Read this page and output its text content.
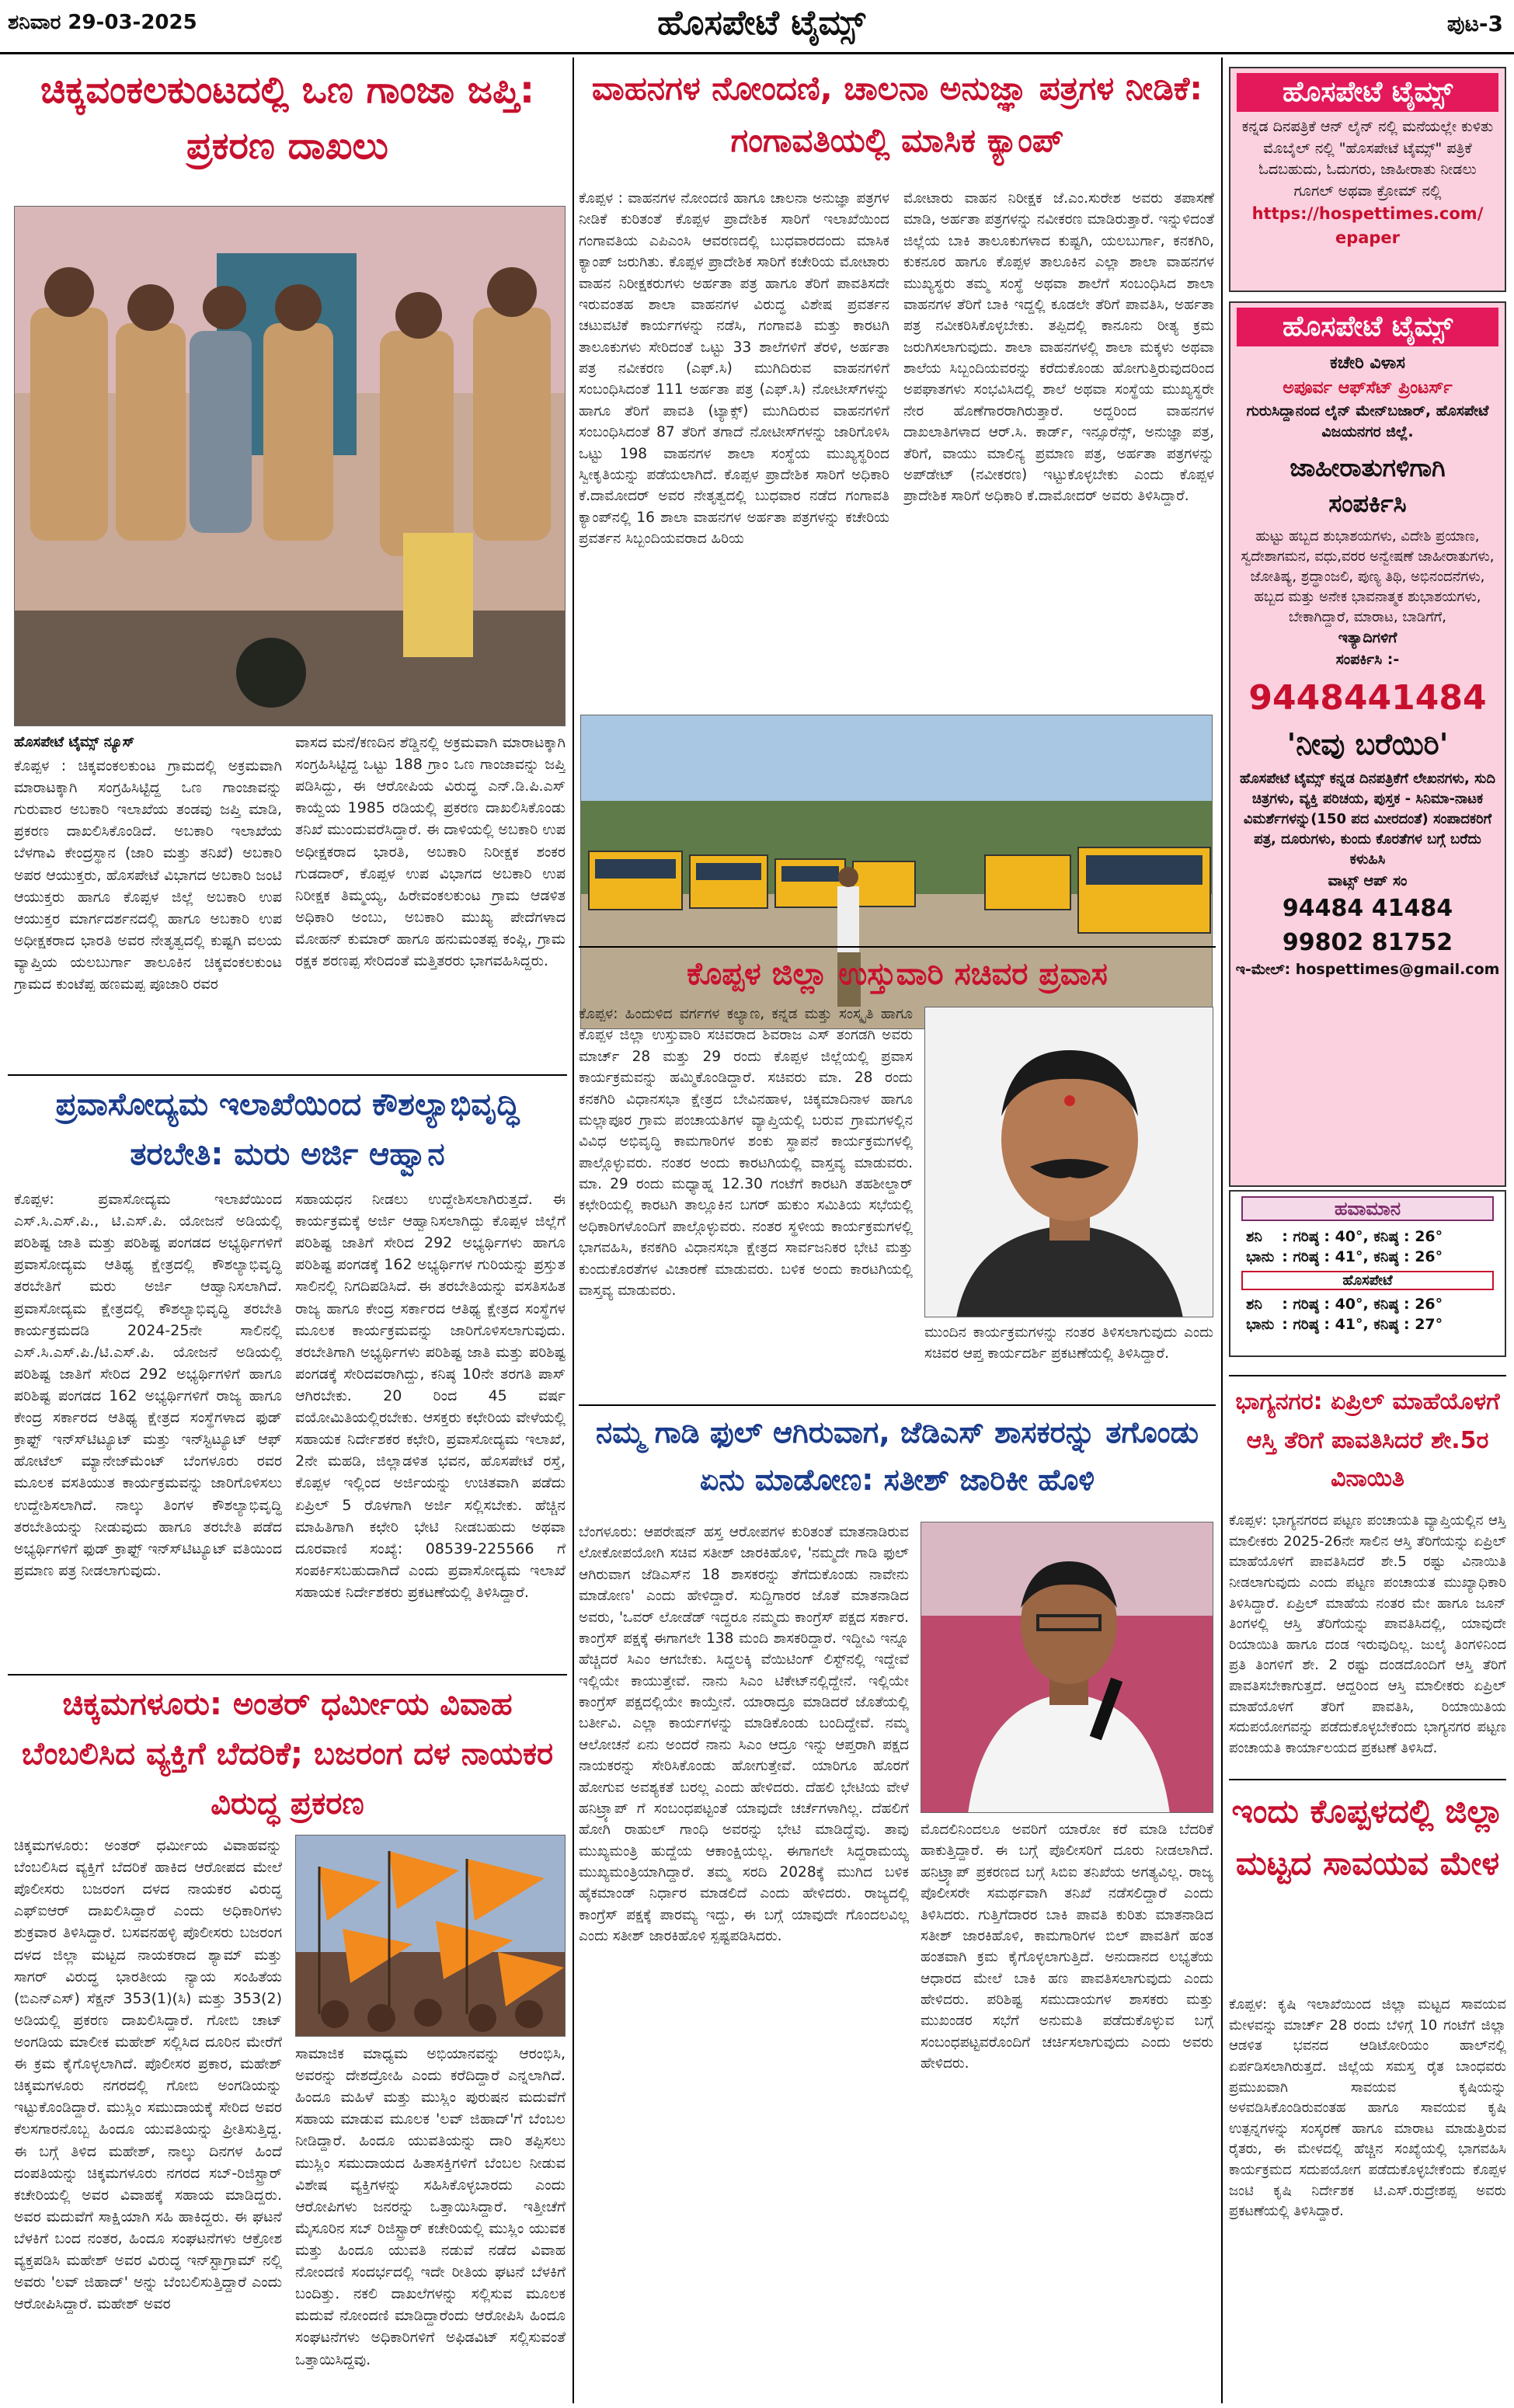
ಶನಿವಾರ 29-03-2025	ಹೊಸಪೇಟೆ ಟೈಮ್ಸ್	ಪುಟ-3
ಚಿಕ್ಕವಂಕಲಕುಂಟದಲ್ಲಿ ಒಣ ಗಾಂಜಾ ಜಪ್ತಿ: ಪ್ರಕರಣ ದಾಖಲು
ಹೊಸಪೇಟೆ ಟೈಮ್ಸ್ ನ್ಯೂಸ್
ಕೊಪ್ಪಳ : ಚಿಕ್ಕವಂಕಲಕುಂಟ ಗ್ರಾಮದಲ್ಲಿ ಅಕ್ರಮವಾಗಿ ಮಾರಾಟಕ್ಕಾಗಿ ಸಂಗ್ರಹಿಸಿಟ್ಟಿದ್ದ ಒಣ ಗಾಂಜಾವನ್ನು ಗುರುವಾರ ಅಬಕಾರಿ ಇಲಾಖೆಯ ತಂಡವು ಜಪ್ತಿ ಮಾಡಿ, ಪ್ರಕರಣ ದಾಖಲಿಸಿಕೊಂಡಿದೆ. ಅಬಕಾರಿ ಇಲಾಖೆಯ ಬೆಳಗಾವಿ ಕೇಂದ್ರಸ್ಥಾನ (ಜಾರಿ ಮತ್ತು ತನಿಖೆ) ಅಬಕಾರಿ ಅಪರ ಆಯುಕ್ತರು, ಹೊಸಪೇಟೆ ವಿಭಾಗದ ಅಬಕಾರಿ ಜಂಟಿ ಆಯುಕ್ತರು ಹಾಗೂ ಕೊಪ್ಪಳ ಜಿಲ್ಲೆ ಅಬಕಾರಿ ಉಪ ಆಯುಕ್ತರ ಮಾರ್ಗದರ್ಶನದಲ್ಲಿ ಹಾಗೂ ಅಬಕಾರಿ ಉಪ ಅಧೀಕ್ಷಕರಾದ ಭಾರತಿ ಅವರ ನೇತೃತ್ವದಲ್ಲಿ ಕುಷ್ಟಗಿ ವಲಯ ವ್ಯಾಪ್ತಿಯ ಯಲಬುರ್ಗಾ ತಾಲೂಕಿನ ಚಿಕ್ಕವಂಕಲಕುಂಟ ಗ್ರಾಮದ ಕುಂಟೆಪ್ಪ ಹಣಮಪ್ಪ ಪೂಜಾರಿ ರವರ
ವಾಸದ ಮನೆ/ಕಣದಿನ ಶೆಡ್ಡಿನಲ್ಲಿ ಅಕ್ರಮವಾಗಿ ಮಾರಾಟಕ್ಕಾಗಿ ಸಂಗ್ರಹಿಸಿಟ್ಟಿದ್ದ ಒಟ್ಟು 188 ಗ್ರಾಂ ಒಣ ಗಾಂಜಾವನ್ನು ಜಪ್ತಿ ಪಡಿಸಿದ್ದು, ಈ ಆರೋಪಿಯ ವಿರುದ್ಧ ಎನ್.ಡಿ.ಪಿ.ಎಸ್ ಕಾಯ್ದೆಯ 1985 ರಡಿಯಲ್ಲಿ ಪ್ರಕರಣ ದಾಖಲಿಸಿಕೊಂಡು ತನಿಖೆ ಮುಂದುವರೆಸಿದ್ದಾರೆ. ಈ ದಾಳಿಯಲ್ಲಿ ಅಬಕಾರಿ ಉಪ ಅಧೀಕ್ಷಕರಾದ ಭಾರತಿ, ಅಬಕಾರಿ ನಿರೀಕ್ಷಕ ಶಂಕರ ಗುಡದಾರ್, ಕೊಪ್ಪಳ ಉಪ ವಿಭಾಗದ ಅಬಕಾರಿ ಉಪ ನಿರೀಕ್ಷಕ ತಿಮ್ಮಯ್ಯ, ಹಿರೇವಂಕಲಕುಂಟ ಗ್ರಾಮ ಆಡಳಿತ ಅಧಿಕಾರಿ ಅಂಬು, ಅಬಕಾರಿ ಮುಖ್ಯ ಪೇದೆಗಳಾದ ಮೋಹನ್ ಕುಮಾರ್ ಹಾಗೂ ಹನುಮಂತಪ್ಪ ಕಂಪ್ಲಿ, ಗ್ರಾಮ ರಕ್ಷಕ ಶರಣಪ್ಪ ಸೇರಿದಂತೆ ಮತ್ತಿತರರು ಭಾಗವಹಿಸಿದ್ದರು.
ಪ್ರವಾಸೋದ್ಯಮ ಇಲಾಖೆಯಿಂದ ಕೌಶಲ್ಯಾಭಿವೃದ್ಧಿ ತರಬೇತಿ: ಮರು ಅರ್ಜಿ ಆಹ್ವಾನ
ಕೊಪ್ಪಳ: ಪ್ರವಾಸೋದ್ಯಮ ಇಲಾಖೆಯಿಂದ ಎಸ್.ಸಿ.ಎಸ್.ಪಿ., ಟಿ.ಎಸ್.ಪಿ. ಯೋಜನೆ ಅಡಿಯಲ್ಲಿ ಪರಿಶಿಷ್ಟ ಜಾತಿ ಮತ್ತು ಪರಿಶಿಷ್ಟ ಪಂಗಡದ ಅಭ್ಯರ್ಥಿಗಳಿಗೆ ಪ್ರವಾಸೋದ್ಯಮ ಆತಿಥ್ಯ ಕ್ಷೇತ್ರದಲ್ಲಿ ಕೌಶಲ್ಯಾಭಿವೃದ್ಧಿ ತರಬೇತಿಗೆ ಮರು ಅರ್ಜಿ ಆಹ್ವಾನಿಸಲಾಗಿದೆ. ಪ್ರವಾಸೋದ್ಯಮ ಕ್ಷೇತ್ರದಲ್ಲಿ ಕೌಶಲ್ಯಾಭಿವೃದ್ಧಿ ತರಬೇತಿ ಕಾರ್ಯಕ್ರಮದಡಿ 2024-25ನೇ ಸಾಲಿನಲ್ಲಿ ಎಸ್.ಸಿ.ಎಸ್.ಪಿ./ಟಿ.ಎಸ್.ಪಿ. ಯೋಜನೆ ಅಡಿಯಲ್ಲಿ ಪರಿಶಿಷ್ಟ ಜಾತಿಗೆ ಸೇರಿದ 292 ಅಭ್ಯರ್ಥಿಗಳಿಗೆ ಹಾಗೂ ಪರಿಶಿಷ್ಟ ಪಂಗಡದ 162 ಅಭ್ಯರ್ಥಿಗಳಿಗೆ ರಾಜ್ಯ ಹಾಗೂ ಕೇಂದ್ರ ಸರ್ಕಾರದ ಆತಿಥ್ಯ ಕ್ಷೇತ್ರದ ಸಂಸ್ಥೆಗಳಾದ ಫುಡ್ ಕ್ರಾಫ್ಟ್ ಇನ್ಸ್‍ಟಿಟ್ಯೂಟ್ ಮತ್ತು ಇನ್‍ಸ್ಟಿಟ್ಯೂಟ್ ಆಫ್ ಹೋಟೆಲ್ ಮ್ಯಾನೇಜ್‍ಮೆಂಟ್ ಬೆಂಗಳೂರು ರವರ ಮೂಲಕ ವಸತಿಯುತ ಕಾರ್ಯಕ್ರಮವನ್ನು ಜಾರಿಗೊಳಿಸಲು ಉದ್ದೇಶಿಸಲಾಗಿದೆ. ನಾಲ್ಕು ತಿಂಗಳ ಕೌಶಲ್ಯಾಭಿವೃದ್ಧಿ ತರಬೇತಿಯನ್ನು ನೀಡುವುದು ಹಾಗೂ ತರಬೇತಿ ಪಡೆದ ಅಭ್ಯರ್ಥಿಗಳಿಗೆ ಫುಡ್ ಕ್ರಾಫ್ಟ್ ಇನ್ಸ್‍ಟಿಟ್ಯೂಟ್ ವತಿಯಿಂದ ಪ್ರಮಾಣ ಪತ್ರ ನೀಡಲಾಗುವುದು.
ಸಹಾಯಧನ ನೀಡಲು ಉದ್ದೇಶಿಸಲಾಗಿರುತ್ತದೆ. ಈ ಕಾರ್ಯಕ್ರಮಕ್ಕೆ ಅರ್ಜಿ ಆಹ್ವಾನಿಸಲಾಗಿದ್ದು ಕೊಪ್ಪಳ ಜಿಲ್ಲೆಗೆ ಪರಿಶಿಷ್ಟ ಜಾತಿಗೆ ಸೇರಿದ 292 ಅಭ್ಯರ್ಥಿಗಳು ಹಾಗೂ ಪರಿಶಿಷ್ಟ ಪಂಗಡಕ್ಕೆ 162 ಅಭ್ಯರ್ಥಿಗಳ ಗುರಿಯನ್ನು ಪ್ರಸ್ತುತ ಸಾಲಿನಲ್ಲಿ ನಿಗದಿಪಡಿಸಿದೆ. ಈ ತರಬೇತಿಯನ್ನು ವಸತಿಸಹಿತ ರಾಜ್ಯ ಹಾಗೂ ಕೇಂದ್ರ ಸರ್ಕಾರದ ಆತಿಥ್ಯ ಕ್ಷೇತ್ರದ ಸಂಸ್ಥೆಗಳ ಮೂಲಕ ಕಾರ್ಯಕ್ರಮವನ್ನು ಜಾರಿಗೊಳಿಸಲಾಗುವುದು. ತರಬೇತಿಗಾಗಿ ಅಭ್ಯರ್ಥಿಗಳು ಪರಿಶಿಷ್ಟ ಜಾತಿ ಮತ್ತು ಪರಿಶಿಷ್ಟ ಪಂಗಡಕ್ಕೆ ಸೇರಿದವರಾಗಿದ್ದು, ಕನಿಷ್ಠ 10ನೇ ತರಗತಿ ಪಾಸ್ ಆಗಿರಬೇಕು. 20 ರಿಂದ 45 ವರ್ಷ ವಯೋಮಿತಿಯಲ್ಲಿರಬೇಕು. ಆಸಕ್ತರು ಕಛೇರಿಯ ವೇಳೆಯಲ್ಲಿ ಸಹಾಯಕ ನಿರ್ದೇಶಕರ ಕಛೇರಿ, ಪ್ರವಾಸೋದ್ಯಮ ಇಲಾಖೆ, 2ನೇ ಮಹಡಿ, ಜಿಲ್ಲಾಡಳಿತ ಭವನ, ಹೊಸಪೇಟೆ ರಸ್ತೆ, ಕೊಪ್ಪಳ ಇಲ್ಲಿಂದ ಅರ್ಜಿಯನ್ನು ಉಚಿತವಾಗಿ ಪಡೆದು ಏಪ್ರಿಲ್ 5 ರೊಳಗಾಗಿ ಅರ್ಜಿ ಸಲ್ಲಿಸಬೇಕು. ಹೆಚ್ಚಿನ ಮಾಹಿತಿಗಾಗಿ ಕಛೇರಿ ಭೇಟಿ ನೀಡಬಹುದು ಅಥವಾ ದೂರವಾಣಿ ಸಂಖ್ಯೆ: 08539-225566 ಗೆ ಸಂಪರ್ಕಿಸಬಹುದಾಗಿದೆ ಎಂದು ಪ್ರವಾಸೋದ್ಯಮ ಇಲಾಖೆ ಸಹಾಯಕ ನಿರ್ದೇಶಕರು ಪ್ರಕಟಣೆಯಲ್ಲಿ ತಿಳಿಸಿದ್ದಾರೆ.
ಚಿಕ್ಕಮಗಳೂರು: ಅಂತರ್ ಧರ್ಮೀಯ ವಿವಾಹ ಬೆಂಬಲಿಸಿದ ವ್ಯಕ್ತಿಗೆ ಬೆದರಿಕೆ; ಬಜರಂಗ ದಳ ನಾಯಕರ ವಿರುದ್ಧ ಪ್ರಕರಣ
ಚಿಕ್ಕಮಗಳೂರು: ಅಂತರ್ ಧರ್ಮೀಯ ವಿವಾಹವನ್ನು ಬೆಂಬಲಿಸಿದ ವ್ಯಕ್ತಿಗೆ ಬೆದರಿಕೆ ಹಾಕಿದ ಆರೋಪದ ಮೇಲೆ ಪೊಲೀಸರು ಬಜರಂಗ ದಳದ ನಾಯಕರ ವಿರುದ್ಧ ಎಫ್‌ಐಆರ್ ದಾಖಲಿಸಿದ್ದಾರೆ ಎಂದು ಅಧಿಕಾರಿಗಳು ಶುಕ್ರವಾರ ತಿಳಿಸಿದ್ದಾರೆ. ಬಸವನಹಳ್ಳಿ ಪೊಲೀಸರು ಬಜರಂಗ ದಳದ ಜಿಲ್ಲಾ ಮಟ್ಟದ ನಾಯಕರಾದ ಶ್ಯಾಮ್ ಮತ್ತು ಸಾಗರ್ ವಿರುದ್ಧ ಭಾರತೀಯ ನ್ಯಾಯ ಸಂಹಿತೆಯ (ಬಿಎನ್‌ಎಸ್) ಸೆಕ್ಷನ್ 353(1)(ಸಿ) ಮತ್ತು 353(2) ಅಡಿಯಲ್ಲಿ ಪ್ರಕರಣ ದಾಖಲಿಸಿದ್ದಾರೆ. ಗೋಬಿ ಚಾಟ್ ಅಂಗಡಿಯ ಮಾಲೀಕ ಮಹೇಶ್ ಸಲ್ಲಿಸಿದ ದೂರಿನ ಮೇರೆಗೆ ಈ ಕ್ರಮ ಕೈಗೊಳ್ಳಲಾಗಿದೆ. ಪೊಲೀಸರ ಪ್ರಕಾರ, ಮಹೇಶ್ ಚಿಕ್ಕಮಗಳೂರು ನಗರದಲ್ಲಿ ಗೋಬಿ ಅಂಗಡಿಯನ್ನು ಇಟ್ಟುಕೊಂಡಿದ್ದಾರೆ. ಮುಸ್ಲಿಂ ಸಮುದಾಯಕ್ಕೆ ಸೇರಿದ ಅವರ ಕೆಲಸಗಾರನೊಬ್ಬ ಹಿಂದೂ ಯುವತಿಯನ್ನು ಪ್ರೀತಿಸುತ್ತಿದ್ದ. ಈ ಬಗ್ಗೆ ತಿಳಿದ ಮಹೇಶ್, ನಾಲ್ಕು ದಿನಗಳ ಹಿಂದೆ ದಂಪತಿಯನ್ನು ಚಿಕ್ಕಮಗಳೂರು ನಗರದ ಸಬ್-ರಿಜಿಸ್ಟ್ರಾರ್ ಕಚೇರಿಯಲ್ಲಿ ಅವರ ವಿವಾಹಕ್ಕೆ ಸಹಾಯ ಮಾಡಿದ್ದರು. ಅವರ ಮದುವೆಗೆ ಸಾಕ್ಷಿಯಾಗಿ ಸಹಿ ಹಾಕಿದ್ದರು. ಈ ಘಟನೆ ಬೆಳಕಿಗೆ ಬಂದ ನಂತರ, ಹಿಂದೂ ಸಂಘಟನೆಗಳು ಆಕ್ರೋಶ ವ್ಯಕ್ತಪಡಿಸಿ ಮಹೇಶ್ ಅವರ ವಿರುದ್ಧ ಇನ್‌ಸ್ಟಾಗ್ರಾಮ್ ನಲ್ಲಿ ಅವರು 'ಲವ್ ಜಿಹಾದ್' ಅನ್ನು ಬೆಂಬಲಿಸುತ್ತಿದ್ದಾರೆ ಎಂದು ಆರೋಪಿಸಿದ್ದಾರೆ. ಮಹೇಶ್ ಅವರ
ಸಾಮಾಜಿಕ ಮಾಧ್ಯಮ ಅಭಿಯಾನವನ್ನು ಆರಂಭಿಸಿ, ಅವರನ್ನು ದೇಶದ್ರೋಹಿ ಎಂದು ಕರೆದಿದ್ದಾರೆ ಎನ್ನಲಾಗಿದೆ. ಹಿಂದೂ ಮಹಿಳೆ ಮತ್ತು ಮುಸ್ಲಿಂ ಪುರುಷನ ಮದುವೆಗೆ ಸಹಾಯ ಮಾಡುವ ಮೂಲಕ 'ಲವ್ ಜಿಹಾದ್'ಗೆ ಬೆಂಬಲ ನೀಡಿದ್ದಾರೆ. ಹಿಂದೂ ಯುವತಿಯನ್ನು ದಾರಿ ತಪ್ಪಿಸಲು ಮುಸ್ಲಿಂ ಸಮುದಾಯದ ಹಿತಾಸಕ್ತಿಗಳಿಗೆ ಬೆಂಬಲ ನೀಡುವ ವಿಶೇಷ ವ್ಯಕ್ತಿಗಳನ್ನು ಸಹಿಸಿಕೊಳ್ಳಬಾರದು ಎಂದು ಆರೋಪಿಗಳು ಜನರನ್ನು ಒತ್ತಾಯಿಸಿದ್ದಾರೆ. ಇತ್ತೀಚೆಗೆ ಮೈಸೂರಿನ ಸಬ್ ರಿಜಿಸ್ಟ್ರಾರ್ ಕಚೇರಿಯಲ್ಲಿ ಮುಸ್ಲಿಂ ಯುವಕ ಮತ್ತು ಹಿಂದೂ ಯುವತಿ ನಡುವೆ ನಡೆದ ವಿವಾಹ ನೋಂದಣಿ ಸಂದರ್ಭದಲ್ಲಿ ಇದೇ ರೀತಿಯ ಘಟನೆ ಬೆಳಕಿಗೆ ಬಂದಿತ್ತು. ನಕಲಿ ದಾಖಲೆಗಳನ್ನು ಸಲ್ಲಿಸುವ ಮೂಲಕ ಮದುವೆ ನೋಂದಣಿ ಮಾಡಿದ್ದಾರೆಂದು ಆರೋಪಿಸಿ ಹಿಂದೂ ಸಂಘಟನೆಗಳು ಅಧಿಕಾರಿಗಳಿಗೆ ಅಫಿಡವಿಟ್ ಸಲ್ಲಿಸುವಂತೆ ಒತ್ತಾಯಿಸಿದ್ದವು.
ವಾಹನಗಳ ನೋಂದಣಿ, ಚಾಲನಾ ಅನುಜ್ಞಾ ಪತ್ರಗಳ ನೀಡಿಕೆ: ಗಂಗಾವತಿಯಲ್ಲಿ ಮಾಸಿಕ ಕ್ಯಾಂಪ್
ಕೊಪ್ಪಳ : ವಾಹನಗಳ ನೋಂದಣಿ ಹಾಗೂ ಚಾಲನಾ ಅನುಜ್ಞಾ ಪತ್ರಗಳ ನೀಡಿಕೆ ಕುರಿತಂತೆ ಕೊಪ್ಪಳ ಪ್ರಾದೇಶಿಕ ಸಾರಿಗೆ ಇಲಾಖೆಯಿಂದ ಗಂಗಾವತಿಯ ಎಪಿಎಂಸಿ ಆವರಣದಲ್ಲಿ ಬುಧವಾರದಂದು ಮಾಸಿಕ ಕ್ಯಾಂಪ್ ಜರುಗಿತು. ಕೊಪ್ಪಳ ಪ್ರಾದೇಶಿಕ ಸಾರಿಗೆ ಕಚೇರಿಯ ಮೋಟಾರು ವಾಹನ ನಿರೀಕ್ಷಕರುಗಳು ಅರ್ಹತಾ ಪತ್ರ ಹಾಗೂ ತೆರಿಗೆ ಪಾವತಿಸದೇ ಇರುವಂತಹ ಶಾಲಾ ವಾಹನಗಳ ವಿರುದ್ಧ ವಿಶೇಷ ಪ್ರವರ್ತನ ಚಟುವಟಿಕೆ ಕಾರ್ಯಗಳನ್ನು ನಡೆಸಿ, ಗಂಗಾವತಿ ಮತ್ತು ಕಾರಟಗಿ ತಾಲೂಕುಗಳು ಸೇರಿದಂತೆ ಒಟ್ಟು 33 ಶಾಲೆಗಳಿಗೆ ತೆರಳಿ, ಅರ್ಹತಾ ಪತ್ರ ನವೀಕರಣ (ಎಫ್.ಸಿ) ಮುಗಿದಿರುವ ವಾಹನಗಳಿಗೆ ಸಂಬಂಧಿಸಿದಂತೆ 111 ಅರ್ಹತಾ ಪತ್ರ (ಎಫ್.ಸಿ) ನೋಟೀಸ್‍ಗಳನ್ನು ಹಾಗೂ ತೆರಿಗೆ ಪಾವತಿ (ಟ್ಯಾಕ್ಸ್) ಮುಗಿದಿರುವ ವಾಹನಗಳಿಗೆ ಸಂಬಂಧಿಸಿದಂತೆ 87 ತೆರಿಗೆ ತಗಾದೆ ನೋಟೀಸ್‍ಗಳನ್ನು ಜಾರಿಗೊಳಿಸಿ ಒಟ್ಟು 198 ವಾಹನಗಳ ಶಾಲಾ ಸಂಸ್ಥೆಯ ಮುಖ್ಯಸ್ಥರಿಂದ ಸ್ವೀಕೃತಿಯನ್ನು ಪಡೆಯಲಾಗಿದೆ. ಕೊಪ್ಪಳ ಪ್ರಾದೇಶಿಕ ಸಾರಿಗೆ ಅಧಿಕಾರಿ ಕೆ.ದಾಮೋದರ್ ಅವರ ನೇತೃತ್ವದಲ್ಲಿ ಬುಧವಾರ ನಡೆದ ಗಂಗಾವತಿ ಕ್ಯಾಂಪ್‍ನಲ್ಲಿ 16 ಶಾಲಾ ವಾಹನಗಳ ಅರ್ಹತಾ ಪತ್ರಗಳನ್ನು ಕಚೇರಿಯ ಪ್ರವರ್ತನ ಸಿಬ್ಬಂದಿಯವರಾದ ಹಿರಿಯ
ಮೋಟಾರು ವಾಹನ ನಿರೀಕ್ಷಕ ಜೆ.ಎಂ.ಸುರೇಶ ಅವರು ತಪಾಸಣೆ ಮಾಡಿ, ಅರ್ಹತಾ ಪತ್ರಗಳನ್ನು ನವೀಕರಣ ಮಾಡಿರುತ್ತಾರೆ. ಇನ್ನುಳಿದಂತೆ ಜಿಲ್ಲೆಯ ಬಾಕಿ ತಾಲೂಕುಗಳಾದ ಕುಷ್ಟಗಿ, ಯಲಬುರ್ಗಾ, ಕನಕಗಿರಿ, ಕುಕನೂರ ಹಾಗೂ ಕೊಪ್ಪಳ ತಾಲೂಕಿನ ಎಲ್ಲಾ ಶಾಲಾ ವಾಹನಗಳ ಮುಖ್ಯಸ್ಥರು ತಮ್ಮ ಸಂಸ್ಥೆ ಅಥವಾ ಶಾಲೆಗೆ ಸಂಬಂಧಿಸಿದ ಶಾಲಾ ವಾಹನಗಳ ತೆರಿಗೆ ಬಾಕಿ ಇದ್ದಲ್ಲಿ ಕೂಡಲೇ ತೆರಿಗೆ ಪಾವತಿಸಿ, ಅರ್ಹತಾ ಪತ್ರ ನವೀಕರಿಸಿಕೊಳ್ಳಬೇಕು. ತಪ್ಪಿದಲ್ಲಿ ಕಾನೂನು ರೀತ್ಯ ಕ್ರಮ ಜರುಗಿಸಲಾಗುವುದು. ಶಾಲಾ ವಾಹನಗಳಲ್ಲಿ ಶಾಲಾ ಮಕ್ಕಳು ಅಥವಾ ಶಾಲೆಯ ಸಿಬ್ಬಂದಿಯವರನ್ನು ಕರೆದುಕೊಂಡು ಹೋಗುತ್ತಿರುವುದರಿಂದ ಅಪಘಾತಗಳು ಸಂಭವಿಸಿದಲ್ಲಿ ಶಾಲೆ ಅಥವಾ ಸಂಸ್ಥೆಯ ಮುಖ್ಯಸ್ಥರೇ ನೇರ ಹೊಣೆಗಾರರಾಗಿರುತ್ತಾರೆ. ಅದ್ದರಿಂದ ವಾಹನಗಳ ದಾಖಲಾತಿಗಳಾದ ಆರ್.ಸಿ. ಕಾರ್ಡ್, ಇನ್ಸೂರೆನ್ಸ್, ಅನುಜ್ಞಾ ಪತ್ರ, ತೆರಿಗೆ, ವಾಯು ಮಾಲಿನ್ಯ ಪ್ರಮಾಣ ಪತ್ರ, ಅರ್ಹತಾ ಪತ್ರಗಳನ್ನು ಅಪ್‍ಡೇಟ್ (ನವೀಕರಣ) ಇಟ್ಟುಕೊಳ್ಳಬೇಕು ಎಂದು ಕೊಪ್ಪಳ ಪ್ರಾದೇಶಿಕ ಸಾರಿಗೆ ಅಧಿಕಾರಿ ಕೆ.ದಾಮೋದರ್ ಅವರು ತಿಳಿಸಿದ್ದಾರೆ.
ಕೊಪ್ಪಳ ಜಿಲ್ಲಾ ಉಸ್ತುವಾರಿ ಸಚಿವರ ಪ್ರವಾಸ
ಕೊಪ್ಪಳ: ಹಿಂದುಳಿದ ವರ್ಗಗಳ ಕಲ್ಯಾಣ, ಕನ್ನಡ ಮತ್ತು ಸಂಸ್ಕೃತಿ ಹಾಗೂ ಕೊಪ್ಪಳ ಜಿಲ್ಲಾ ಉಸ್ತುವಾರಿ ಸಚಿವರಾದ ಶಿವರಾಜ ಎಸ್ ತಂಗಡಗಿ ಅವರು ಮಾರ್ಚ್ 28 ಮತ್ತು 29 ರಂದು ಕೊಪ್ಪಳ ಜಿಲ್ಲೆಯಲ್ಲಿ ಪ್ರವಾಸ ಕಾರ್ಯಕ್ರಮವನ್ನು ಹಮ್ಮಿಕೊಂಡಿದ್ದಾರೆ. ಸಚಿವರು ಮಾ. 28 ರಂದು ಕನಕಗಿರಿ ವಿಧಾನಸಭಾ ಕ್ಷೇತ್ರದ ಬೇವಿನಹಾಳ, ಚಿಕ್ಕಮಾದಿನಾಳ ಹಾಗೂ ಮಲ್ಲಾಪೂರ ಗ್ರಾಮ ಪಂಚಾಯತಿಗಳ ವ್ಯಾಪ್ತಿಯಲ್ಲಿ ಬರುವ ಗ್ರಾಮಗಳಲ್ಲಿನ ವಿವಿಧ ಅಭಿವೃದ್ಧಿ ಕಾಮಗಾರಿಗಳ ಶಂಕು ಸ್ಥಾಪನೆ ಕಾರ್ಯಕ್ರಮಗಳಲ್ಲಿ ಪಾಲ್ಗೊಳ್ಳುವರು. ನಂತರ ಅಂದು ಕಾರಟಗಿಯಲ್ಲಿ ವಾಸ್ತವ್ಯ ಮಾಡುವರು. ಮಾ. 29 ರಂದು ಮಧ್ಯಾಹ್ನ 12.30 ಗಂಟೆಗೆ ಕಾರಟಗಿ ತಹಶೀಲ್ದಾರ್ ಕಛೇರಿಯಲ್ಲಿ ಕಾರಟಗಿ ತಾಲ್ಲೂಕಿನ ಬಗರ್ ಹುಕುಂ ಸಮಿತಿಯ ಸಭೆಯಲ್ಲಿ ಅಧಿಕಾರಿಗಳೊಂದಿಗೆ ಪಾಲ್ಗೊಳ್ಳುವರು. ನಂತರ ಸ್ಥಳೀಯ ಕಾರ್ಯಕ್ರಮಗಳಲ್ಲಿ ಭಾಗವಹಿಸಿ, ಕನಕಗಿರಿ ವಿಧಾನಸಭಾ ಕ್ಷೇತ್ರದ ಸಾರ್ವಜನಿಕರ ಭೇಟಿ ಮತ್ತು ಕುಂದುಕೊರತೆಗಳ ವಿಚಾರಣೆ ಮಾಡುವರು. ಬಳಿಕ ಅಂದು ಕಾರಟಗಿಯಲ್ಲಿ ವಾಸ್ತವ್ಯ ಮಾಡುವರು.
ಮುಂದಿನ ಕಾರ್ಯಕ್ರಮಗಳನ್ನು ನಂತರ ತಿಳಿಸಲಾಗುವುದು ಎಂದು ಸಚಿವರ ಆಪ್ತ ಕಾರ್ಯದರ್ಶಿ ಪ್ರಕಟಣೆಯಲ್ಲಿ ತಿಳಿಸಿದ್ದಾರೆ.
ನಮ್ಮ ಗಾಡಿ ಫುಲ್ ಆಗಿರುವಾಗ, ಜೆಡಿಎಸ್ ಶಾಸಕರನ್ನು ತಗೊಂಡು ಏನು ಮಾಡೋಣ: ಸತೀಶ್ ಜಾರಿಕೀ ಹೊಳಿ
ಬೆಂಗಳೂರು: ಆಪರೇಷನ್ ಹಸ್ತ ಆರೋಪಗಳ ಕುರಿತಂತೆ ಮಾತನಾಡಿರುವ ಲೋಕೋಪಯೋಗಿ ಸಚಿವ ಸತೀಶ್ ಜಾರಕಿಹೊಳಿ, 'ನಮ್ಮದೇ ಗಾಡಿ ಫುಲ್ ಆಗಿರುವಾಗ ಜೆಡಿಎಸ್‌ನ 18 ಶಾಸಕರನ್ನು ತೆಗೆದುಕೊಂಡು ನಾವೇನು ಮಾಡೋಣ' ಎಂದು ಹೇಳಿದ್ದಾರೆ. ಸುದ್ದಿಗಾರರ ಜೊತೆ ಮಾತನಾಡಿದ ಅವರು, 'ಒವರ್ ಲೋಡೆಡ್ ಇದ್ದರೂ ನಮ್ಮದು ಕಾಂಗ್ರೆಸ್ ಪಕ್ಷದ ಸರ್ಕಾರ. ಕಾಂಗ್ರೆಸ್ ಪಕ್ಷಕ್ಕೆ ಈಗಾಗಲೇ 138 ಮಂದಿ ಶಾಸಕರಿದ್ದಾರೆ. ಇದ್ದೀವಿ ಇನ್ನೂ ಹೆಚ್ಚಿದರೆ ಸಿಎಂ ಆಗಬೇಕು. ಸಿದ್ದಲಕ್ಕಿ ವೆಯಿಟಿಂಗ್ ಲಿಸ್ಟ್‌ನಲ್ಲಿ ಇದ್ದೇವೆ ಇಲ್ಲಿಯೇ ಕಾಯುತ್ತೇವೆ. ನಾನು ಸಿಎಂ ಟಿಕೇಟ್‌ನಲ್ಲಿದ್ದೇನೆ. ಇಲ್ಲಿಯೇ ಕಾಂಗ್ರೆಸ್ ಪಕ್ಷದಲ್ಲಿಯೇ ಕಾಯ್ತೇನೆ. ಯಾರಾದ್ರೂ ಮಾಡಿದರೆ ಜೊತೆಯಲ್ಲಿ ಬರ್ತೀವಿ. ಎಲ್ಲಾ ಕಾರ್ಯಗಳನ್ನು ಮಾಡಿಕೊಂಡು ಬಂದಿದ್ದೇವೆ. ನಮ್ಮ ಆಲೋಚನೆ ಏನು ಅಂದರೆ ನಾನು ಸಿಎಂ ಆದ್ರೂ ಇನ್ನು ಆಪ್ತರಾಗಿ ಪಕ್ಷದ ನಾಯಕರನ್ನು ಸೇರಿಸಿಕೊಂಡು ಹೋಗುತ್ತೇವೆ. ಯಾರಿಗೂ ಹೊರಗೆ ಹೋಗುವ ಅವಶ್ಯಕತೆ ಬರಲ್ಲ ಎಂದು ಹೇಳಿದರು. ದೆಹಲಿ ಭೇಟಿಯ ವೇಳೆ ಹನಿಟ್ರ್ಯಾಪ್ ಗೆ ಸಂಬಂಧಪಟ್ಟಂತೆ ಯಾವುದೇ ಚರ್ಚೆಗಳಾಗಿಲ್ಲ. ದೆಹಲಿಗೆ ಹೋಗಿ ರಾಹುಲ್ ಗಾಂಧಿ ಅವರನ್ನು ಭೇಟಿ ಮಾಡಿದ್ದೆವು. ತಾವು ಮುಖ್ಯಮಂತ್ರಿ ಹುದ್ದೆಯ ಆಕಾಂಕ್ಷಿಯಲ್ಲ. ಈಗಾಗಲೇ ಸಿದ್ದರಾಮಯ್ಯ ಮುಖ್ಯಮಂತ್ರಿಯಾಗಿದ್ದಾರೆ. ತಮ್ಮ ಸರದಿ 2028ಕ್ಕೆ ಮುಗಿದ ಬಳಿಕ ಹೈಕಮಾಂಡ್ ನಿರ್ಧಾರ ಮಾಡಲಿದೆ ಎಂದು ಹೇಳಿದರು. ರಾಜ್ಯದಲ್ಲಿ ಕಾಂಗ್ರೆಸ್ ಪಕ್ಷಕ್ಕೆ ಪಾರಮ್ಯ ಇದ್ದು, ಈ ಬಗ್ಗೆ ಯಾವುದೇ ಗೊಂದಲವಿಲ್ಲ ಎಂದು ಸತೀಶ್ ಜಾರಕಿಹೊಳಿ ಸ್ಪಷ್ಟಪಡಿಸಿದರು.
ಮೊದಲಿನಿಂದಲೂ ಅವರಿಗೆ ಯಾರೋ ಕರೆ ಮಾಡಿ ಬೆದರಿಕೆ ಹಾಕುತ್ತಿದ್ದಾರೆ. ಈ ಬಗ್ಗೆ ಪೊಲೀಸರಿಗೆ ದೂರು ನೀಡಲಾಗಿದೆ. ಹನಿಟ್ರ್ಯಾಪ್ ಪ್ರಕರಣದ ಬಗ್ಗೆ ಸಿಬಿಐ ತನಿಖೆಯ ಅಗತ್ಯವಿಲ್ಲ. ರಾಜ್ಯ ಪೊಲೀಸರೇ ಸಮರ್ಥವಾಗಿ ತನಿಖೆ ನಡೆಸಲಿದ್ದಾರೆ ಎಂದು ತಿಳಿಸಿದರು. ಗುತ್ತಿಗೆದಾರರ ಬಾಕಿ ಪಾವತಿ ಕುರಿತು ಮಾತನಾಡಿದ ಸತೀಶ್ ಜಾರಕಿಹೊಳಿ, ಕಾಮಗಾರಿಗಳ ಬಿಲ್ ಪಾವತಿಗೆ ಹಂತ ಹಂತವಾಗಿ ಕ್ರಮ ಕೈಗೊಳ್ಳಲಾಗುತ್ತಿದೆ. ಅನುದಾನದ ಲಭ್ಯತೆಯ ಆಧಾರದ ಮೇಲೆ ಬಾಕಿ ಹಣ ಪಾವತಿಸಲಾಗುವುದು ಎಂದು ಹೇಳಿದರು. ಪರಿಶಿಷ್ಟ ಸಮುದಾಯಗಳ ಶಾಸಕರು ಮತ್ತು ಮುಖಂಡರ ಸಭೆಗೆ ಅನುಮತಿ ಪಡೆದುಕೊಳ್ಳುವ ಬಗ್ಗೆ ಸಂಬಂಧಪಟ್ಟವರೊಂದಿಗೆ ಚರ್ಚಿಸಲಾಗುವುದು ಎಂದು ಅವರು ಹೇಳಿದರು.
ಹೊಸಪೇಟೆ ಟೈಮ್ಸ್

ಕನ್ನಡ ದಿನಪತ್ರಿಕೆ ಆನ್ ಲೈನ್ ನಲ್ಲಿ ಮನೆಯಲ್ಲೇ ಕುಳಿತು ಮೊಬೈಲ್ ನಲ್ಲಿ "ಹೊಸಪೇಟೆ ಟೈಮ್ಸ್" ಪತ್ರಿಕೆ ಓದಬಹುದು, ಓದುಗರು, ಜಾಹೀರಾತು ನೀಡಲು ಗೂಗಲ್ ಅಥವಾ ಕ್ರೋಮ್ ನಲ್ಲಿ

https://hospettimes.com/

epaper

ಹೊಸಪೇಟೆ ಟೈಮ್ಸ್

ಕಚೇರಿ ವಿಳಾಸ

ಅಪೂರ್ವ ಆಫ್‌ಸೆಟ್ ಪ್ರಿಂಟರ್ಸ್

ಗುರುಸಿದ್ದಾನಂದ ಲೈನ್ ಮೇನ್‌ಬಜಾರ್, ಹೊಸಪೇಟೆ ವಿಜಯನಗರ ಜಿಲ್ಲೆ.

ಜಾಹೀರಾತುಗಳಿಗಾಗಿ

ಸಂಪರ್ಕಿಸಿ

ಹುಟ್ಟು ಹಬ್ಬದ ಶುಭಾಶಯಗಳು, ವಿದೇಶಿ ಪ್ರಯಾಣ, ಸ್ವದೇಶಾಗಮನ, ವಧು,ವರರ ಅನ್ವೇಷಣೆ ಜಾಹೀರಾತುಗಳು, ಜೋತಿಷ್ಯ, ಶ್ರದ್ಧಾಂಜಲಿ, ಪುಣ್ಯ ತಿಥಿ, ಅಭಿನಂದನೆಗಳು, ಹಬ್ಬದ ಮತ್ತು ಅನೇಕ ಭಾವನಾತ್ಮಕ ಶುಭಾಶಯಗಳು, ಬೇಕಾಗಿದ್ದಾರೆ, ಮಾರಾಟ, ಬಾಡಿಗೆಗೆ,

ಇತ್ಯಾದಿಗಳಿಗೆ

ಸಂಪರ್ಕಿಸಿ :-

9448441484

'ನೀವು ಬರೆಯಿರಿ'

ಹೊಸಪೇಟೆ ಟೈಮ್ಸ್ ಕನ್ನಡ ದಿನಪತ್ರಿಕೆಗೆ ಲೇಖನಗಳು, ಸುದಿ ಚಿತ್ರಗಳು, ವ್ಯಕ್ತಿ ಪರಿಚಯ, ಪುಸ್ತಕ - ಸಿನಿಮಾ-ನಾಟಕ ವಿಮರ್ಶೆಗಳನ್ನು(150 ಪದ ಮೀರದಂತೆ) ಸಂಪಾದಕರಿಗೆ ಪತ್ರ, ದೂರುಗಳು, ಕುಂದು ಕೊರತೆಗಳ ಬಗ್ಗೆ ಬರೆದು ಕಳುಹಿಸಿ

ವಾಟ್ಸ್ ಆಪ್ ಸಂ

94484 41484

99802 81752

ಇ-ಮೇಲ್: hospettimes@gmail.com

ಹವಾಮಾನ
ಶನಿ	: ಗರಿಷ್ಠ : 40°, ಕನಿಷ್ಠ : 26°
ಭಾನು	: ಗರಿಷ್ಠ : 41°, ಕನಿಷ್ಠ : 26°
ಹೊಸಪೇಟೆ
ಶನಿ	: ಗರಿಷ್ಠ : 40°, ಕನಿಷ್ಠ : 26°
ಭಾನು	: ಗರಿಷ್ಠ : 41°, ಕನಿಷ್ಠ : 27°
ಭಾಗ್ಯನಗರ: ಏಪ್ರಿಲ್ ಮಾಹೆಯೊಳಗೆ ಆಸ್ತಿ ತೆರಿಗೆ ಪಾವತಿಸಿದರೆ ಶೇ.5ರ ವಿನಾಯಿತಿ
ಕೊಪ್ಪಳ: ಭಾಗ್ಯನಗರದ ಪಟ್ಟಣ ಪಂಚಾಯತಿ ವ್ಯಾಪ್ತಿಯಲ್ಲಿನ ಆಸ್ತಿ ಮಾಲೀಕರು 2025-26ನೇ ಸಾಲಿನ ಆಸ್ತಿ ತೆರಿಗೆಯನ್ನು ಏಪ್ರಿಲ್ ಮಾಹೆಯೊಳಗೆ ಪಾವತಿಸಿದರೆ ಶೇ.5 ರಷ್ಟು ವಿನಾಯಿತಿ ನೀಡಲಾಗುವುದು ಎಂದು ಪಟ್ಟಣ ಪಂಚಾಯತ ಮುಖ್ಯಾಧಿಕಾರಿ ತಿಳಿಸಿದ್ದಾರೆ. ಏಪ್ರಿಲ್ ಮಾಹೆಯ ನಂತರ ಮೇ ಹಾಗೂ ಜೂನ್ ತಿಂಗಳಲ್ಲಿ ಆಸ್ತಿ ತೆರಿಗೆಯನ್ನು ಪಾವತಿಸಿದಲ್ಲಿ, ಯಾವುದೇ ರಿಯಾಯಿತಿ ಹಾಗೂ ದಂಡ ಇರುವುದಿಲ್ಲ. ಜುಲೈ ತಿಂಗಳಿನಿಂದ ಪ್ರತಿ ತಿಂಗಳಿಗೆ ಶೇ. 2 ರಷ್ಟು ದಂಡದೊಂದಿಗೆ ಆಸ್ತಿ ತೆರಿಗೆ ಪಾವತಿಸಬೇಕಾಗುತ್ತದೆ. ಆದ್ದರಿಂದ ಆಸ್ತಿ ಮಾಲೀಕರು ಏಪ್ರಿಲ್ ಮಾಹೆಯೊಳಗೆ ತೆರಿಗೆ ಪಾವತಿಸಿ, ರಿಯಾಯಿತಿಯ ಸದುಪಯೋಗವನ್ನು ಪಡೆದುಕೊಳ್ಳಬೇಕೆಂದು ಭಾಗ್ಯನಗರ ಪಟ್ಟಣ ಪಂಚಾಯತಿ ಕಾರ್ಯಾಲಯದ ಪ್ರಕಟಣೆ ತಿಳಿಸಿದೆ.
ಇಂದು ಕೊಪ್ಪಳದಲ್ಲಿ ಜಿಲ್ಲಾ ಮಟ್ಟದ ಸಾವಯವ ಮೇಳ
ಕೊಪ್ಪಳ: ಕೃಷಿ ಇಲಾಖೆಯಿಂದ ಜಿಲ್ಲಾ ಮಟ್ಟದ ಸಾವಯವ ಮೇಳವನ್ನು ಮಾರ್ಚ್ 28 ರಂದು ಬೆಳಿಗ್ಗೆ 10 ಗಂಟೆಗೆ ಜಿಲ್ಲಾ ಆಡಳಿತ ಭವನದ ಆಡಿಟೋರಿಯಂ ಹಾಲ್‌ನಲ್ಲಿ ಏರ್ಪಡಿಸಲಾಗಿರುತ್ತದೆ. ಜಿಲ್ಲೆಯ ಸಮಸ್ತ ರೈತ ಬಾಂಧವರು ಪ್ರಮುಖವಾಗಿ ಸಾವಯವ ಕೃಷಿಯನ್ನು ಅಳವಡಿಸಿಕೊಂಡಿರುವಂತಹ ಹಾಗೂ ಸಾವಯವ ಕೃಷಿ ಉತ್ಪನ್ನಗಳನ್ನು ಸಂಸ್ಕರಣೆ ಹಾಗೂ ಮಾರಾಟ ಮಾಡುತ್ತಿರುವ ರೈತರು, ಈ ಮೇಳದಲ್ಲಿ ಹೆಚ್ಚಿನ ಸಂಖ್ಯೆಯಲ್ಲಿ ಭಾಗವಹಿಸಿ ಕಾರ್ಯಕ್ರಮದ ಸದುಪಯೋಗ ಪಡೆದುಕೊಳ್ಳಬೇಕೆಂದು ಕೊಪ್ಪಳ ಜಂಟಿ ಕೃಷಿ ನಿರ್ದೇಶಕ ಟಿ.ಎಸ್.ರುದ್ರೇಶಪ್ಪ ಅವರು ಪ್ರಕಟಣೆಯಲ್ಲಿ ತಿಳಿಸಿದ್ದಾರೆ.
